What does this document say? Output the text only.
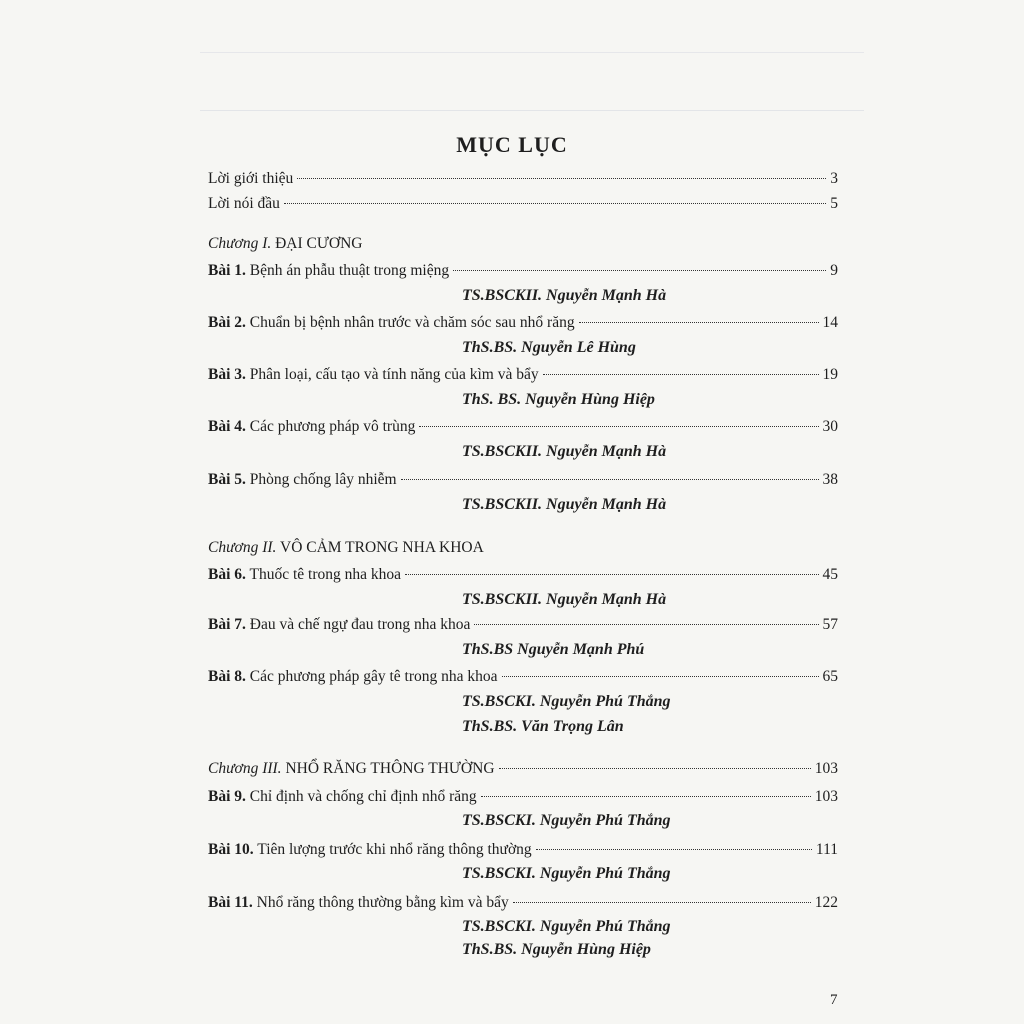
MỤC LỤC
Lời giới thiệu	3
Lời nói đầu	5
Chương I. ĐẠI CƯƠNG
Bài 1. Bệnh án phẫu thuật trong miệng	9
TS.BSCKII. Nguyễn Mạnh Hà
Bài 2. Chuẩn bị bệnh nhân trước và chăm sóc sau nhổ răng	14
ThS.BS. Nguyễn Lê Hùng
Bài 3. Phân loại, cấu tạo và tính năng của kìm và bẩy	19
ThS. BS. Nguyễn Hùng Hiệp
Bài 4. Các phương pháp vô trùng	30
TS.BSCKII. Nguyễn Mạnh Hà
Bài 5. Phòng chống lây nhiễm	38
TS.BSCKII. Nguyễn Mạnh Hà
Chương II. VÔ CẢM TRONG NHA KHOA
Bài 6. Thuốc tê trong nha khoa	45
TS.BSCKII. Nguyễn Mạnh Hà
Bài 7. Đau và chế ngự đau trong nha khoa	57
ThS.BS Nguyễn Mạnh Phú
Bài 8. Các phương pháp gây tê trong nha khoa	65
TS.BSCKI. Nguyễn Phú Thắng
ThS.BS. Văn Trọng Lân
Chương III. NHỔ RĂNG THÔNG THƯỜNG	103
Bài 9. Chỉ định và chống chỉ định nhổ răng	103
TS.BSCKI. Nguyễn Phú Thắng
Bài 10. Tiên lượng trước khi nhổ răng thông thường	111
TS.BSCKI. Nguyễn Phú Thắng
Bài 11. Nhổ răng thông thường bằng kìm và bẩy	122
TS.BSCKI. Nguyễn Phú Thắng
ThS.BS. Nguyễn Hùng Hiệp
7
